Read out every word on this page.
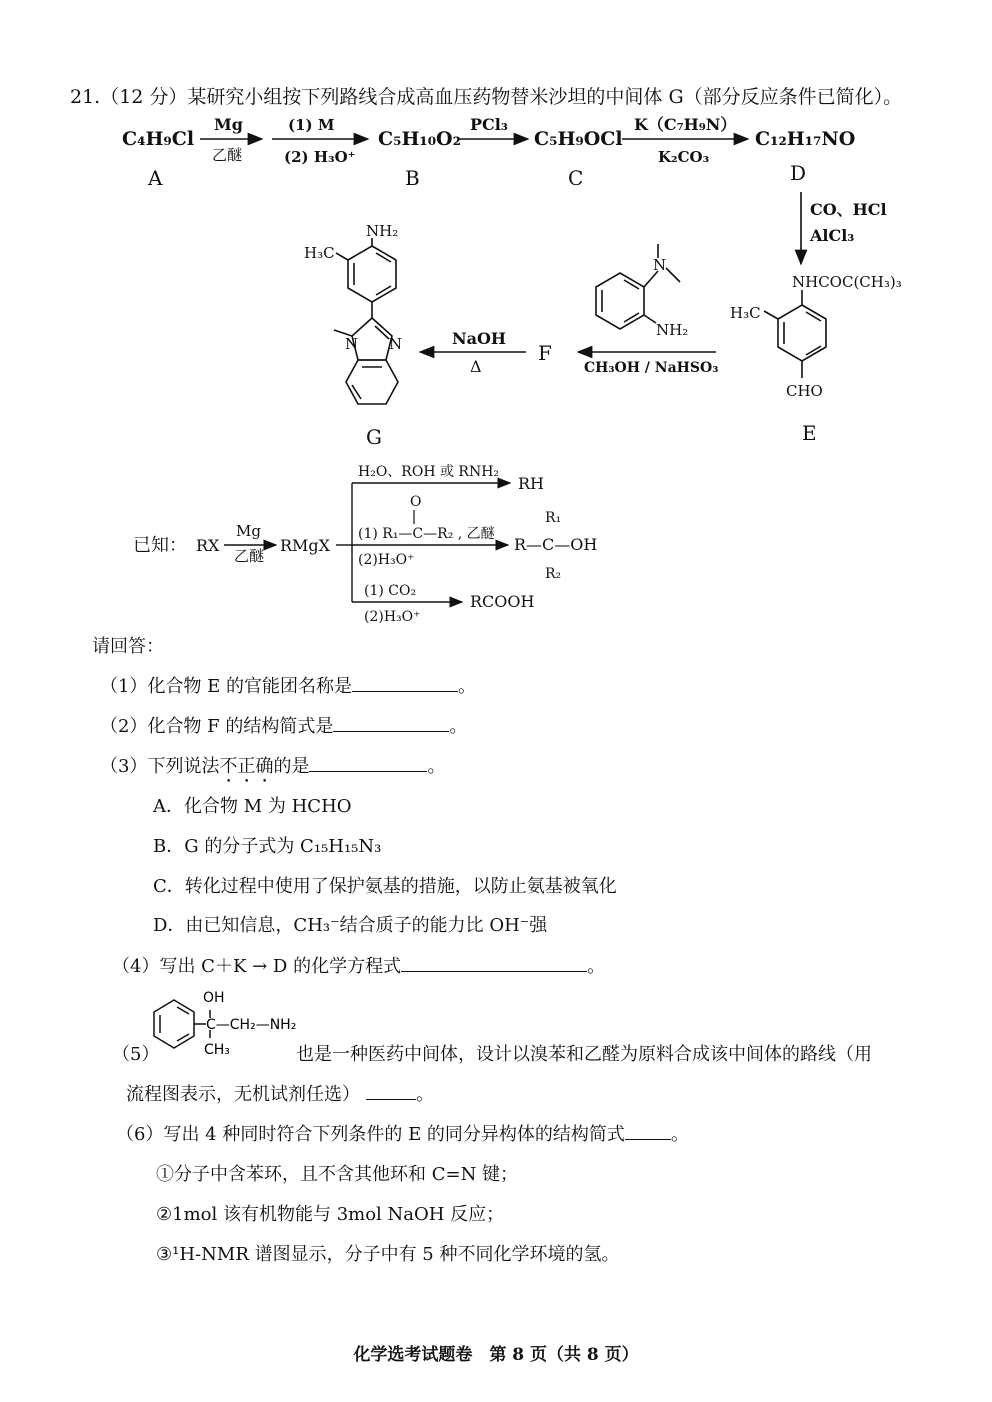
21.（12 分）某研究小组按下列路线合成高血压药物替米沙坦的中间体 G（部分反应条件已简化）。
C₄H₉Cl
A
Mg
乙醚
(1) M
(2) H₃O⁺
C₅H₁₀O₂
B
PCl₃
C₅H₉OCl
C
K（C₇H₉N）
K₂CO₃
C₁₂H₁₇NO
D
CO、HCl
AlCl₃
NHCOC(CH₃)₃
H₃C
CHO
E
N
NH₂
CH₃OH / NaHSO₃
F
NaOH
Δ
NH₂
H₃C
N N
G
已知： RX
Mg
乙醚
RMgX
H₂O、ROH 或 RNH₂
RH
O
(1) R₁—C—R₂ , 乙醚
(2)H₃O⁺
R₁
R—C—OH
R₂
(1) CO₂
(2)H₃O⁺
RCOOH
请回答：
（1）化合物 E 的官能团名称是	。
（2）化合物 F 的结构简式是	。
（3）下列说法不正确的是	。
A．化合物 M 为 HCHO
B．G 的分子式为 C₁₅H₁₅N₃
C．转化过程中使用了保护氨基的措施，以防止氨基被氧化
D．由已知信息，CH₃⁻结合质子的能力比 OH⁻强
（4）写出 C＋K → D 的化学方程式	。
OH
C—CH₂—NH₂
CH₃
（5）	也是一种医药中间体，设计以溴苯和乙醛为原料合成该中间体的路线（用
流程图表示，无机试剂任选）	。
（6）写出 4 种同时符合下列条件的 E 的同分异构体的结构简式	。
①分子中含苯环，且不含其他环和 C=N 键；
②1mol 该有机物能与 3mol NaOH 反应；
③¹H-NMR 谱图显示，分子中有 5 种不同化学环境的氢。
化学选考试题卷　第 8 页（共 8 页）
